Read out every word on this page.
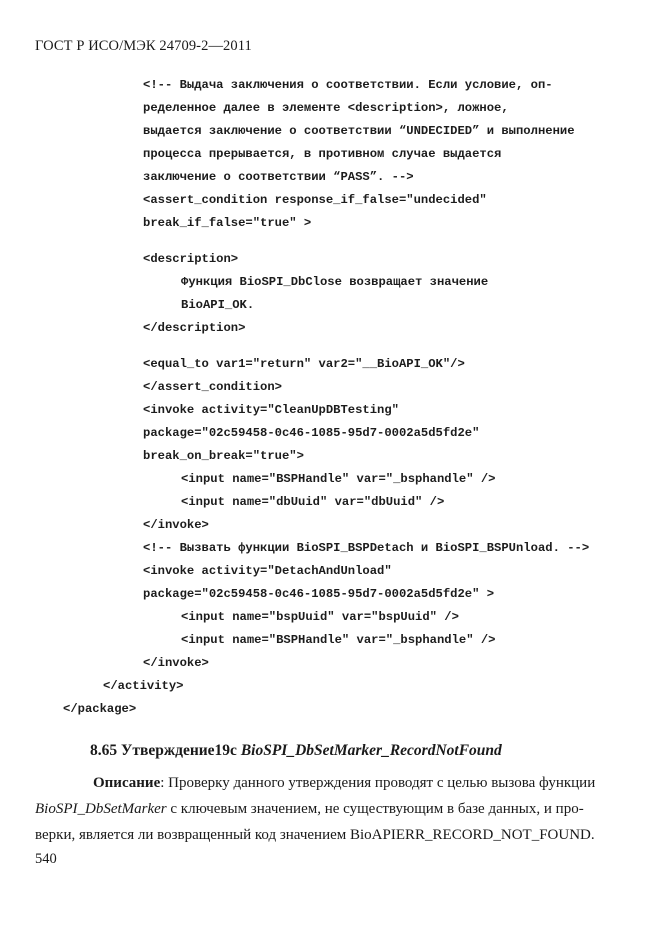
ГОСТ Р ИСО/МЭК 24709-2—2011
<!-- Выдача заключения о соответствии. Если условие, оп-
ределенное далее в элементе <description>, ложное,
выдается заключение о соответствии “UNDECIDED” и выполнение
процесса прерывается, в противном случае выдается
заключение о соответствии “PASS”. -->
<assert_condition response_if_false="undecided"
break_if_false="true" >
<description>
Функция BioSPI_DbClose возвращает значение
BioAPI_OK.
</description>
<equal_to var1="return" var2="__BioAPI_OK"/>
</assert_condition>
<invoke activity="CleanUpDBTesting"
package="02c59458-0c46-1085-95d7-0002a5d5fd2e"
break_on_break="true">
<input name="BSPHandle" var="_bsphandle" />
<input name="dbUuid" var="dbUuid" />
</invoke>
<!-- Вызвать функции BioSPI_BSPDetach и BioSPI_BSPUnload. -->
<invoke activity="DetachAndUnload"
package="02c59458-0c46-1085-95d7-0002a5d5fd2e" >
<input name="bspUuid" var="bspUuid" />
<input name="BSPHandle" var="_bsphandle" />
</invoke>
</activity>
</package>
8.65 Утверждение19с BioSPI_DbSetMarker_RecordNotFound
Описание: Проверку данного утверждения проводят с целью вызова функции
BioSPI_DbSetMarker с ключевым значением, не существующим в базе данных, и про-
верки, является ли возвращенный код значением BioAPIERR_RECORD_NOT_FOUND.
540
